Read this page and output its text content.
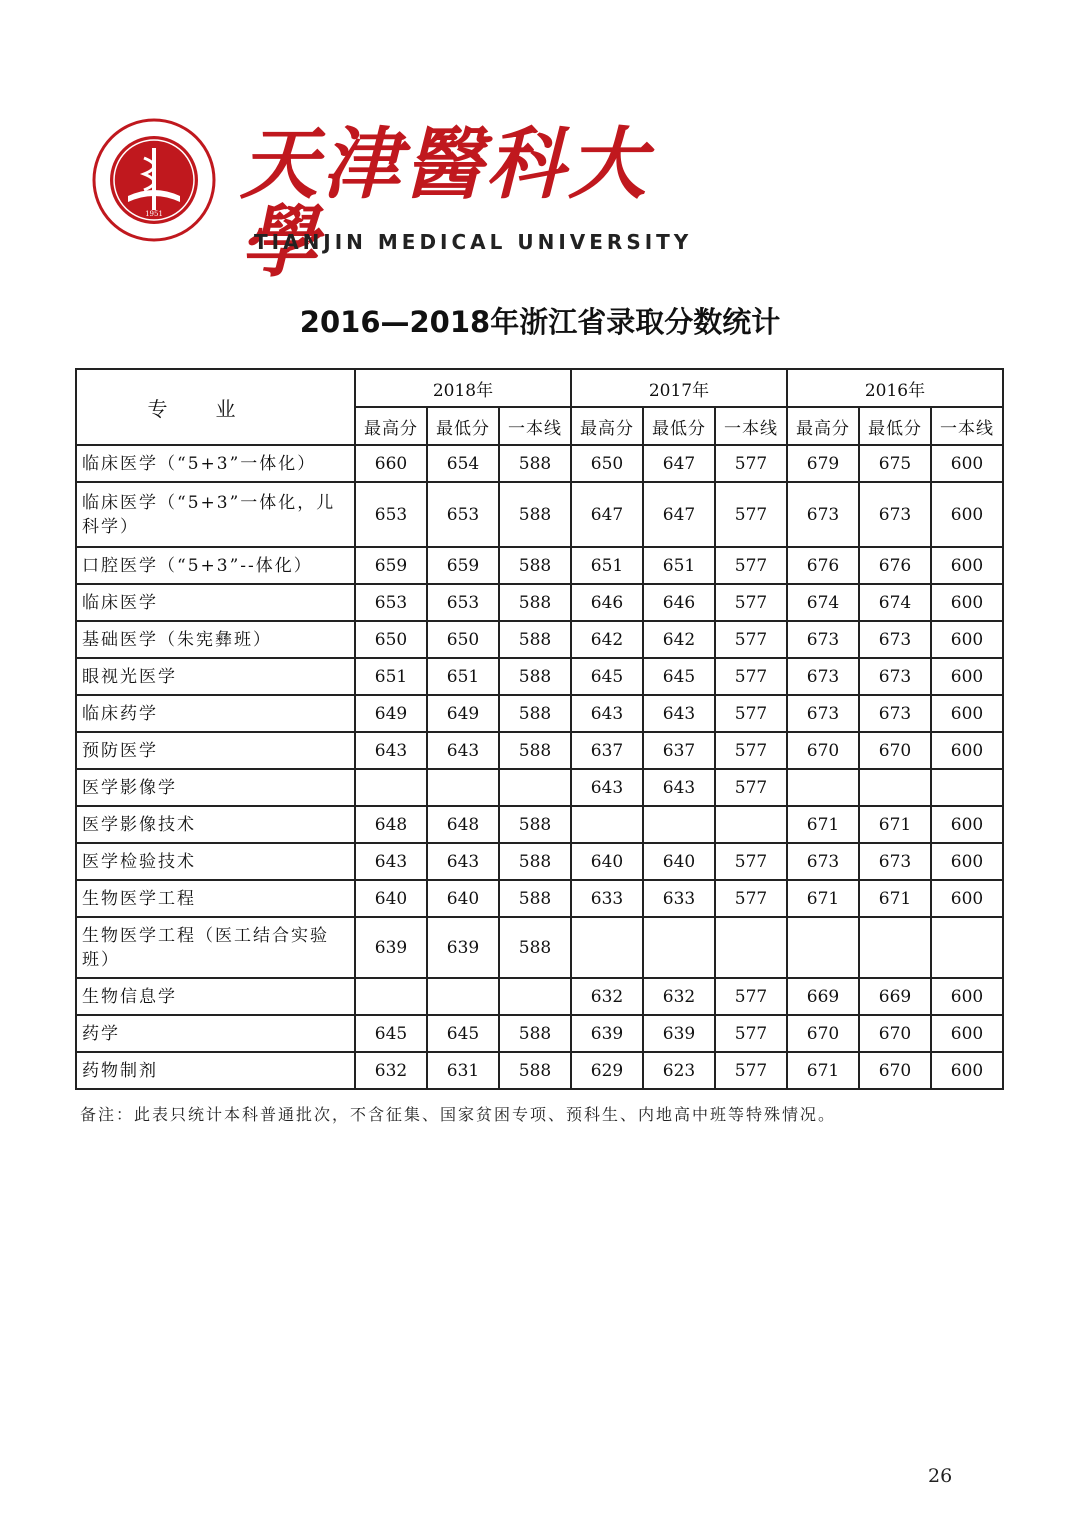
1951
天津醫科大學
TIANJIN MEDICAL UNIVERSITY
2016—2018年浙江省录取分数统计
专业	2018年			2017年			2016年		
	最高分	最低分	一本线	最高分	最低分	一本线	最高分	最低分	一本线
临床医学（“5+3”一体化）	660	654	588	650	647	577	679	675	600
临床医学（“5+3”一体化，儿科学）	653	653	588	647	647	577	673	673	600
口腔医学（“5+3”--体化）	659	659	588	651	651	577	676	676	600
临床医学	653	653	588	646	646	577	674	674	600
基础医学（朱宪彝班）	650	650	588	642	642	577	673	673	600
眼视光医学	651	651	588	645	645	577	673	673	600
临床药学	649	649	588	643	643	577	673	673	600
预防医学	643	643	588	637	637	577	670	670	600
医学影像学				643	643	577			
医学影像技术	648	648	588				671	671	600
医学检验技术	643	643	588	640	640	577	673	673	600
生物医学工程	640	640	588	633	633	577	671	671	600
生物医学工程（医工结合实验班）	639	639	588						
生物信息学				632	632	577	669	669	600
药学	645	645	588	639	639	577	670	670	600
药物制剂	632	631	588	629	623	577	671	670	600
备注：此表只统计本科普通批次，不含征集、国家贫困专项、预科生、内地高中班等特殊情况。
26
